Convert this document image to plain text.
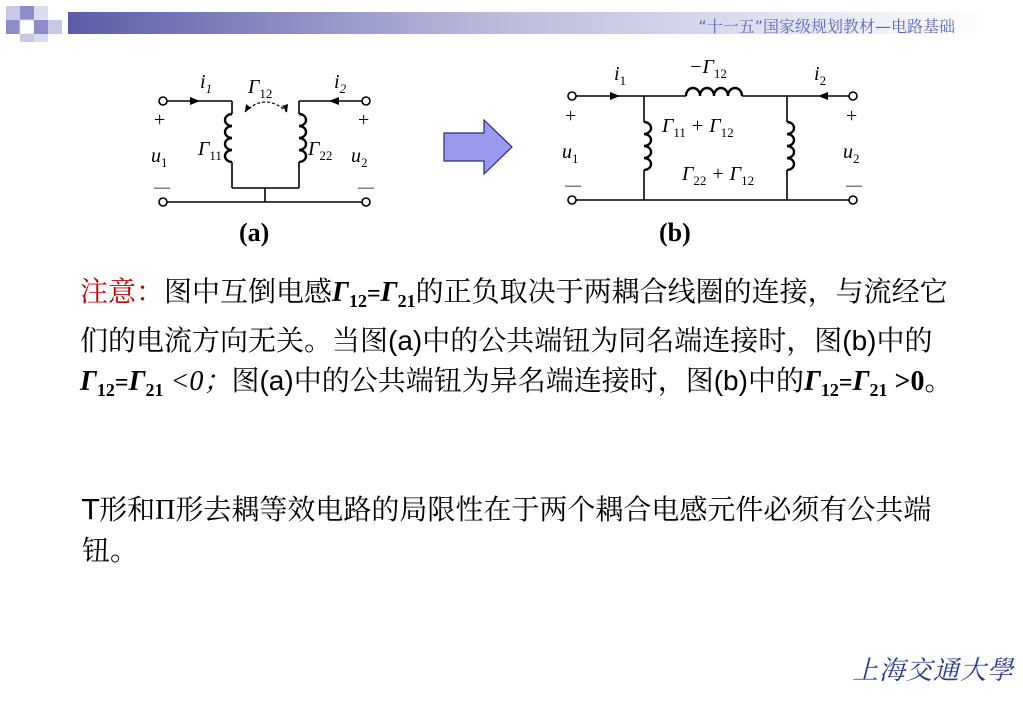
“十一五”国家级规划教材—电路基础
$i_1$	$i_2$
$\Gamma_{12}$
$\Gamma_{11}$	$\Gamma_{22}$
+
$u_1$
—
+
$u_2$
—
$-\Gamma_{12}$
$i_1$	$i_2$
$\Gamma_{11} + \Gamma_{12}$
$\Gamma_{22} + \Gamma_{12}$
+
$u_1$
—
+
$u_2$
—
(a)	(b)
注意：图中互倒电感$\Gamma_{12}=\Gamma_{21}$的正负取决于两耦合线圈的连接，与流经它们的电流方向无关。当图(a)中的公共端钮为同名端连接时，图(b)中的$\Gamma_{12}=\Gamma_{21} <0$；图(a)中的公共端钮为异名端连接时，图(b)中的$\Gamma_{12}=\Gamma_{21} >0$。
T形和Π形去耦等效电路的局限性在于两个耦合电感元件必须有公共端钮。
上海交通大學
